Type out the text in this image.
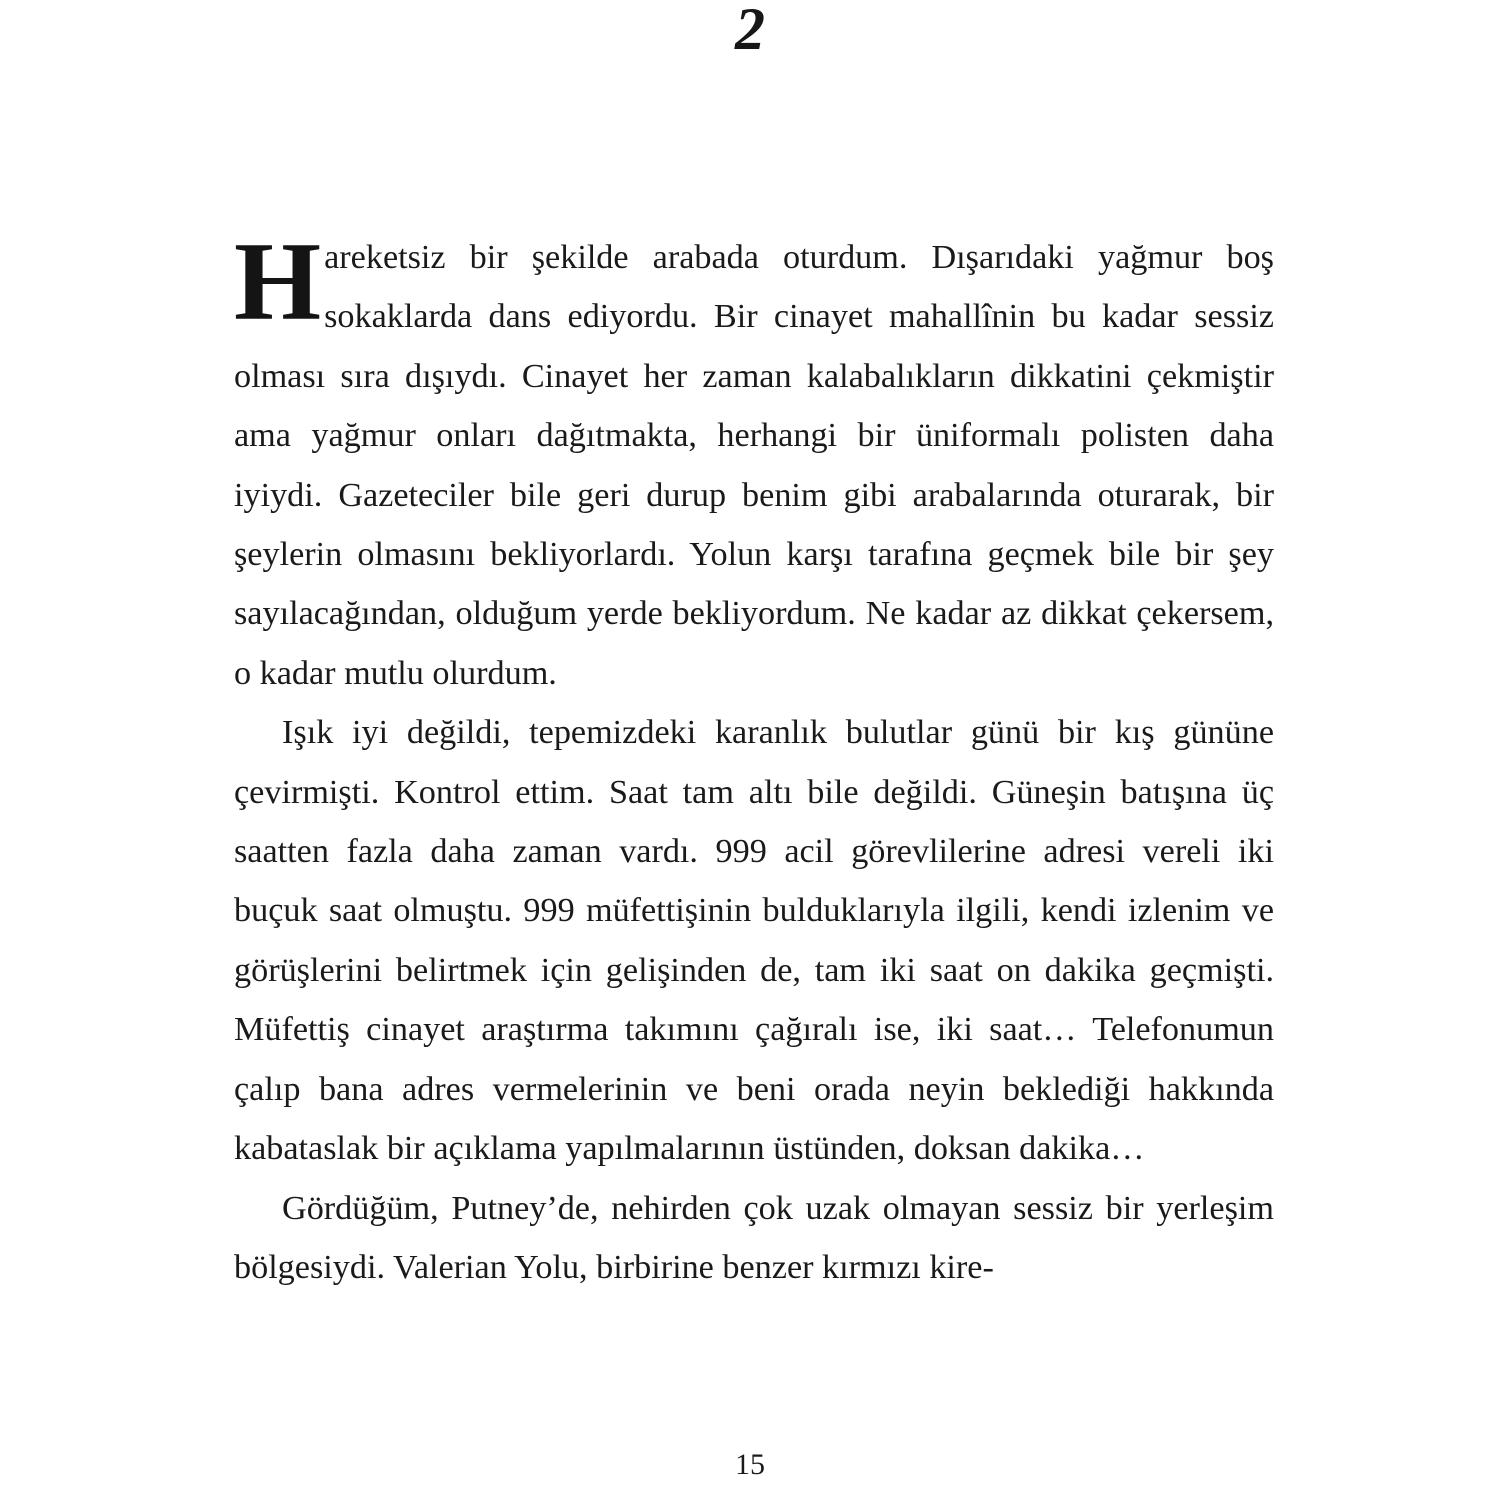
2

Hareketsiz bir şekilde arabada oturdum. Dışarıdaki yağmur boş sokaklarda dans ediyordu. Bir cinayet mahallînin bu kadar sessiz olması sıra dışıydı. Cinayet her zaman kalabalıkların dikkatini çekmiştir ama yağmur onları dağıtmakta, herhangi bir üniformalı polisten daha iyiydi. Gazeteciler bile geri durup benim gibi arabalarında oturarak, bir şeylerin olmasını bekliyorlardı. Yolun karşı tarafına geçmek bile bir şey sayılacağından, olduğum yerde bekliyordum. Ne kadar az dikkat çekersem, o kadar mutlu olurdum.

Işık iyi değildi, tepemizdeki karanlık bulutlar günü bir kış gününe çevirmişti. Kontrol ettim. Saat tam altı bile değildi. Güneşin batışına üç saatten fazla daha zaman vardı. 999 acil görevlilerine adresi vereli iki buçuk saat olmuştu. 999 müfettişinin bulduklarıyla ilgili, kendi izlenim ve görüşlerini belirtmek için gelişinden de, tam iki saat on dakika geçmişti. Müfettiş cinayet araştırma takımını çağıralı ise, iki saat… Telefonumun çalıp bana adres vermelerinin ve beni orada neyin beklediği hakkında kabataslak bir açıklama yapılmalarının üstünden, doksan dakika…

Gördüğüm, Putney’de, nehirden çok uzak olmayan sessiz bir yerleşim bölgesiydi. Valerian Yolu, birbirine benzer kırmızı kire-

15
